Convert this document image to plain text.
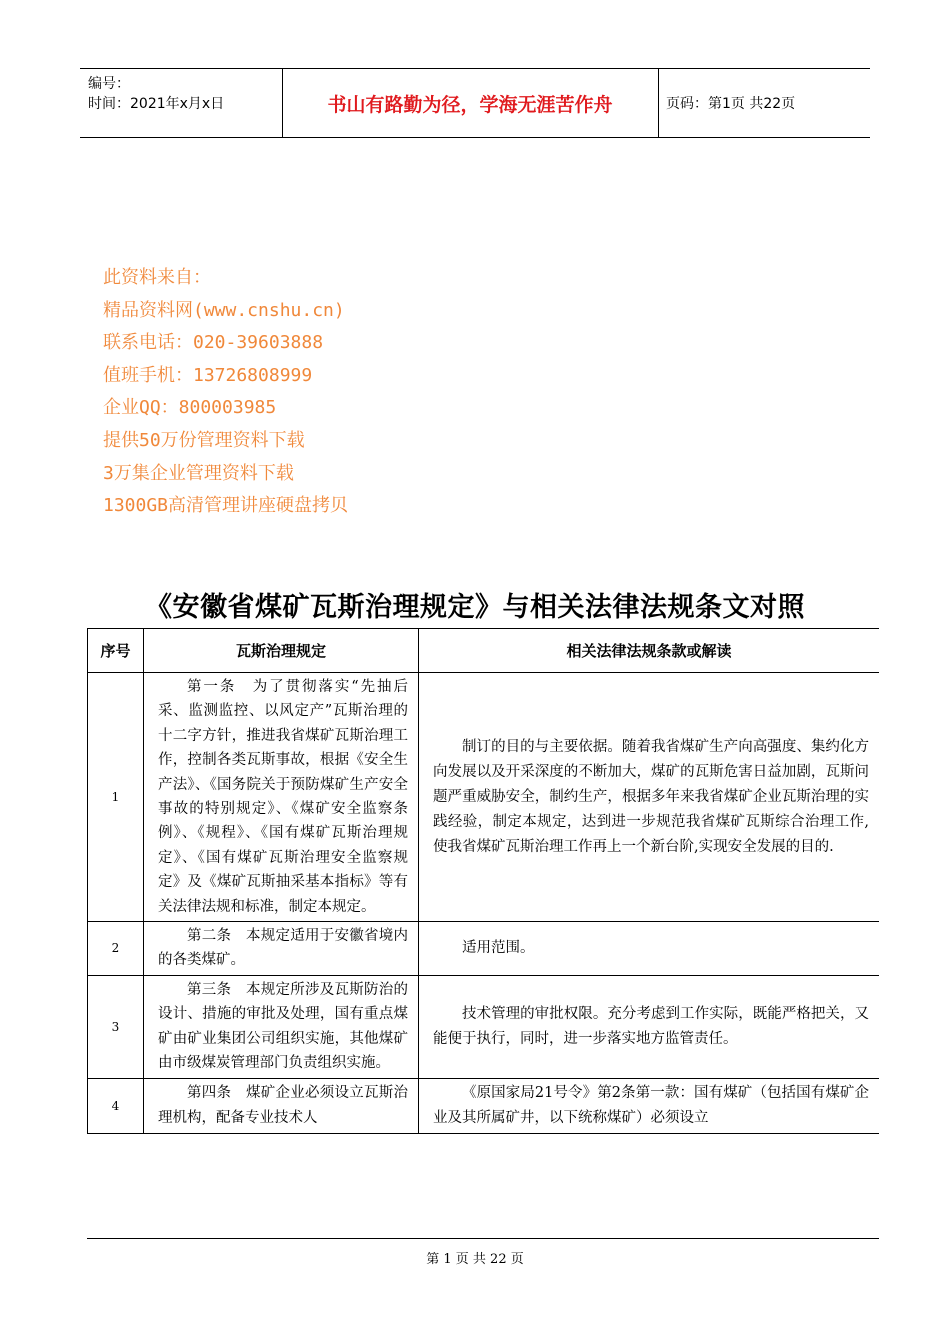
编号：
时间：2021年x月x日	书山有路勤为径，学海无涯苦作舟	页码：第1页 共22页
此资料来自：
精品资料网(www.cnshu.cn)
联系电话：020-39603888
值班手机：13726808999
企业QQ：800003985
提供50万份管理资料下载
3万集企业管理资料下载
1300GB高清管理讲座硬盘拷贝
《安徽省煤矿瓦斯治理规定》与相关法律法规条文对照
序号	瓦斯治理规定	相关法律法规条款或解读
1	第一条　为了贯彻落实“先抽后采、监测监控、以风定产”瓦斯治理的十二字方针，推进我省煤矿瓦斯治理工作，控制各类瓦斯事故，根据《安全生产法》、《国务院关于预防煤矿生产安全事故的特别规定》、《煤矿安全监察条例》、《规程》、《国有煤矿瓦斯治理规定》、《国有煤矿瓦斯治理安全监察规定》及《煤矿瓦斯抽采基本指标》等有关法律法规和标准，制定本规定。	制订的目的与主要依据。随着我省煤矿生产向高强度、集约化方向发展以及开采深度的不断加大，煤矿的瓦斯危害日益加剧，瓦斯问题严重威胁安全，制约生产，根据多年来我省煤矿企业瓦斯治理的实践经验，制定本规定，达到进一步规范我省煤矿瓦斯综合治理工作,使我省煤矿瓦斯治理工作再上一个新台阶,实现安全发展的目的.
2	第二条　本规定适用于安徽省境内的各类煤矿。	适用范围。
3	第三条　本规定所涉及瓦斯防治的设计、措施的审批及处理，国有重点煤矿由矿业集团公司组织实施，其他煤矿由市级煤炭管理部门负责组织实施。	技术管理的审批权限。充分考虑到工作实际，既能严格把关，又能便于执行，同时，进一步落实地方监管责任。
4	第四条　煤矿企业必须设立瓦斯治理机构，配备专业技术人	《原国家局21号令》第2条第一款：国有煤矿（包括国有煤矿企业及其所属矿井，以下统称煤矿）必须设立
第 1 页 共 22 页
